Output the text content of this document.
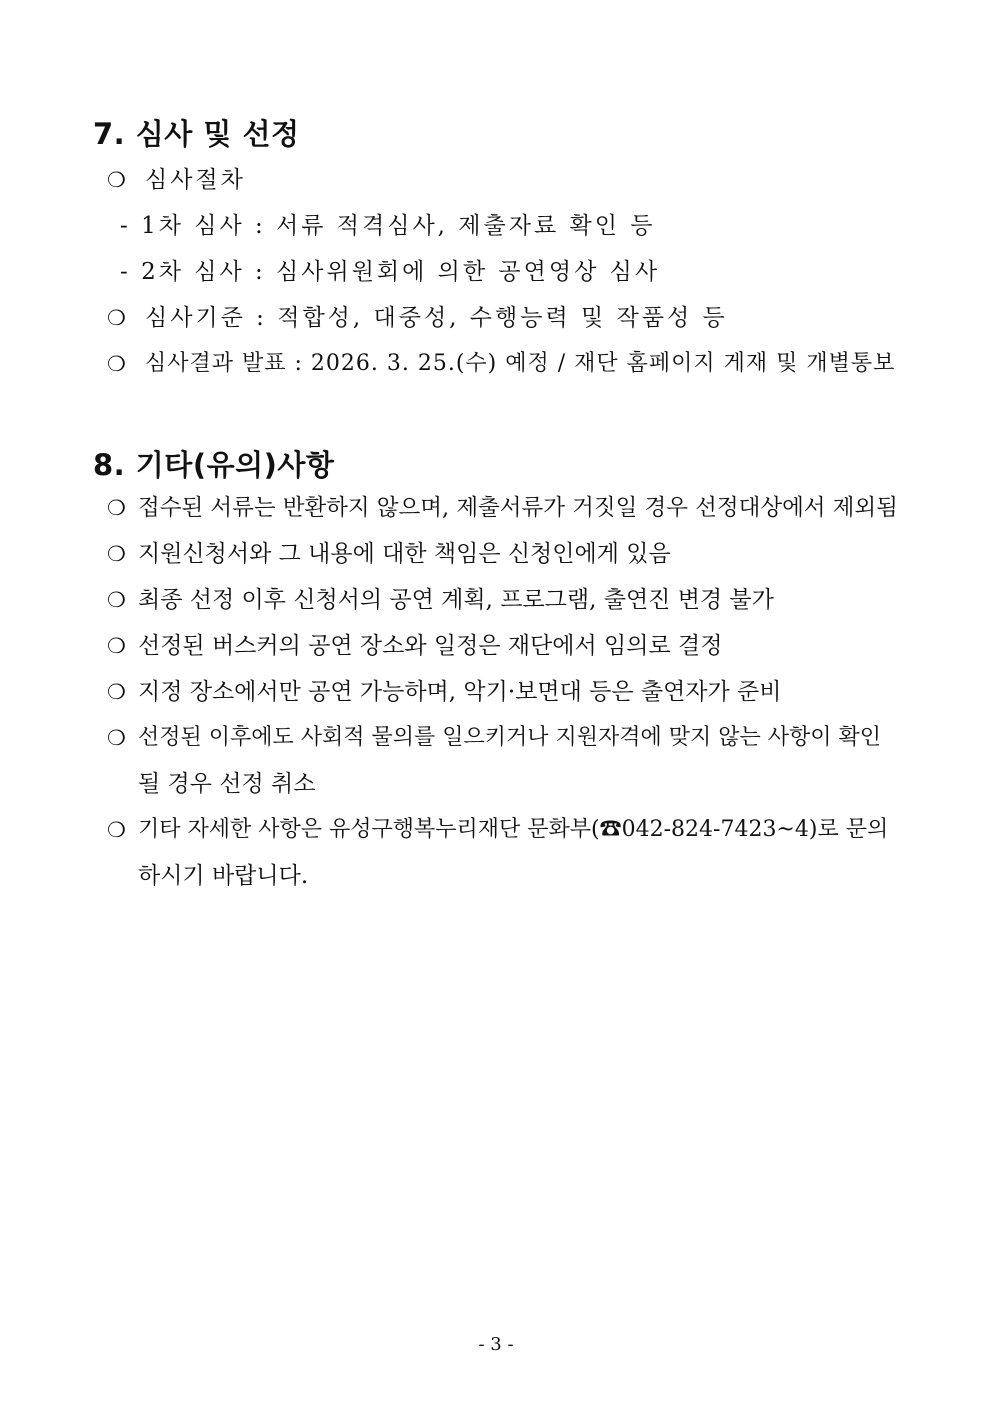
7. 심사 및 선정
❍ 심사절차
- 1차 심사 : 서류 적격심사, 제출자료 확인 등
- 2차 심사 : 심사위원회에 의한 공연영상 심사
❍ 심사기준 : 적합성, 대중성, 수행능력 및 작품성 등
❍ 심사결과 발표 : 2026. 3. 25.(수) 예정 / 재단 홈페이지 게재 및 개별통보
8. 기타(유의)사항
❍ 접수된 서류는 반환하지 않으며, 제출서류가 거짓일 경우 선정대상에서 제외됨
❍ 지원신청서와 그 내용에 대한 책임은 신청인에게 있음
❍ 최종 선정 이후 신청서의 공연 계획, 프로그램, 출연진 변경 불가
❍ 선정된 버스커의 공연 장소와 일정은 재단에서 임의로 결정
❍ 지정 장소에서만 공연 가능하며, 악기·보면대 등은 출연자가 준비
❍ 선정된 이후에도 사회적 물의를 일으키거나 지원자격에 맞지 않는 사항이 확인
될 경우 선정 취소
❍ 기타 자세한 사항은 유성구행복누리재단 문화부(☎042-824-7423~4)로 문의
하시기 바랍니다.
- 3 -
